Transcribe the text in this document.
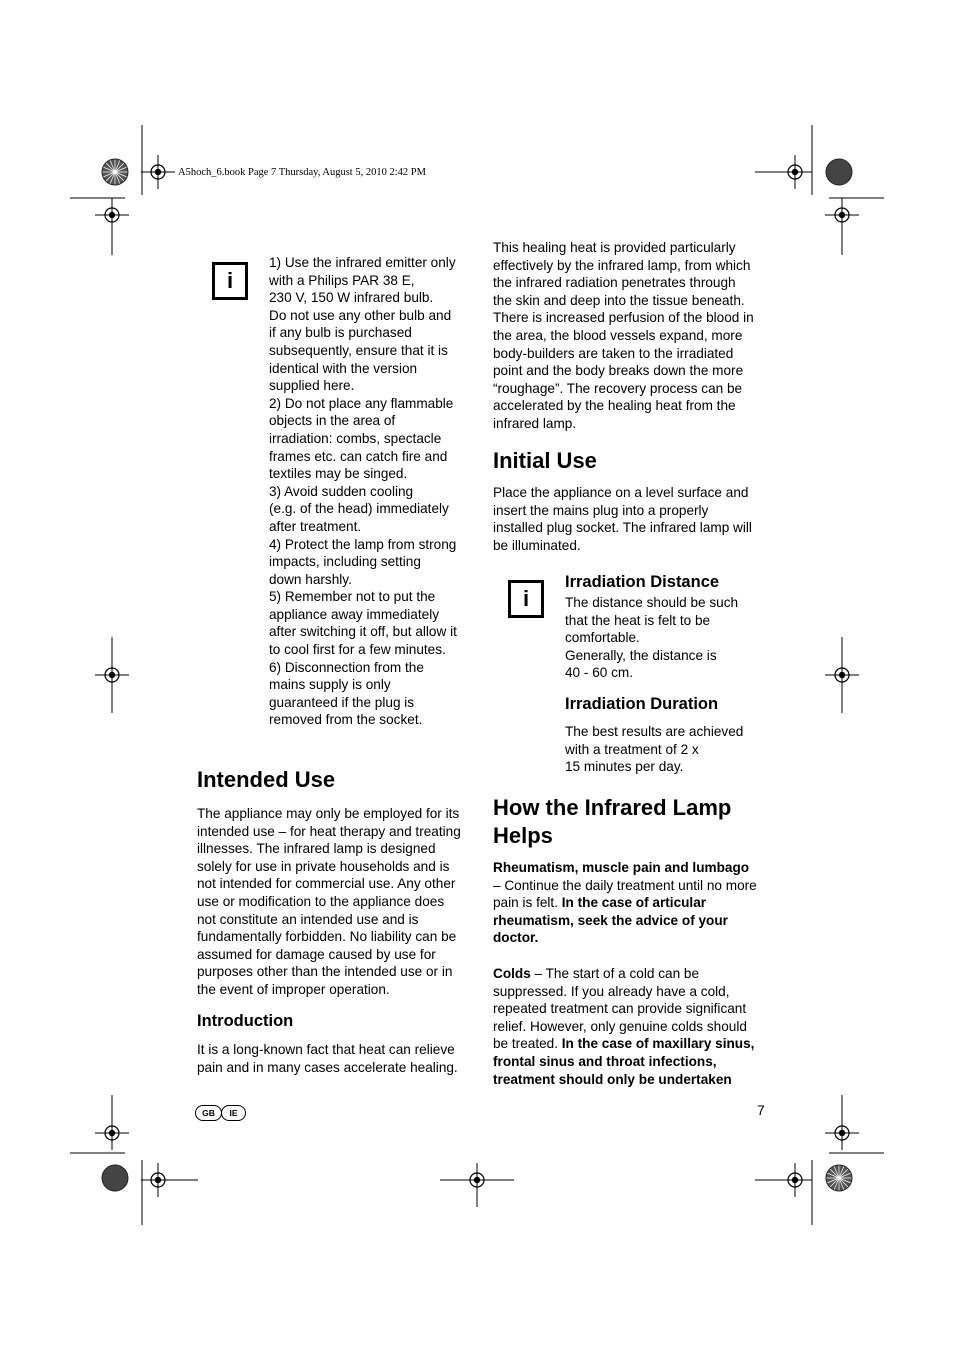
A5hoch_6.book Page 7 Thursday, August 5, 2010 2:42 PM
i
1) Use the infrared emitter only
with a Philips PAR 38 E,
230 V, 150 W infrared bulb.
Do not use any other bulb and
if any bulb is purchased
subsequently, ensure that it is
identical with the version
supplied here.
2) Do not place any flammable
objects in the area of
irradiation: combs, spectacle
frames etc. can catch fire and
textiles may be singed.
3) Avoid sudden cooling
(e.g. of the head) immediately
after treatment.
4) Protect the lamp from strong
impacts, including setting
down harshly.
5) Remember not to put the
appliance away immediately
after switching it off, but allow it
to cool first for a few minutes.
6) Disconnection from the
mains supply is only
guaranteed if the plug is
removed from the socket.
Intended Use
The appliance may only be employed for its
intended use – for heat therapy and treating
illnesses. The infrared lamp is designed
solely for use in private households and is
not intended for commercial use. Any other
use or modification to the appliance does
not constitute an intended use and is
fundamentally forbidden. No liability can be
assumed for damage caused by use for
purposes other than the intended use or in
the event of improper operation.
Introduction
It is a long-known fact that heat can relieve
pain and in many cases accelerate healing.
This healing heat is provided particularly
effectively by the infrared lamp, from which
the infrared radiation penetrates through
the skin and deep into the tissue beneath.
There is increased perfusion of the blood in
the area, the blood vessels expand, more
body-builders are taken to the irradiated
point and the body breaks down the more
“roughage”. The recovery process can be
accelerated by the healing heat from the
infrared lamp.
Initial Use
Place the appliance on a level surface and
insert the mains plug into a properly
installed plug socket. The infrared lamp will
be illuminated.
i
Irradiation Distance
The distance should be such
that the heat is felt to be
comfortable.
Generally, the distance is
40 - 60 cm.
Irradiation Duration
The best results are achieved
with a treatment of 2 x
15 minutes per day.
How the Infrared Lamp
Helps
Rheumatism, muscle pain and lumbago
– Continue the daily treatment until no more
pain is felt. In the case of articular
rheumatism, seek the advice of your
doctor.
Colds – The start of a cold can be
suppressed. If you already have a cold,
repeated treatment can provide significant
relief. However, only genuine colds should
be treated. In the case of maxillary sinus,
frontal sinus and throat infections,
treatment should only be undertaken
GB	IE	7
